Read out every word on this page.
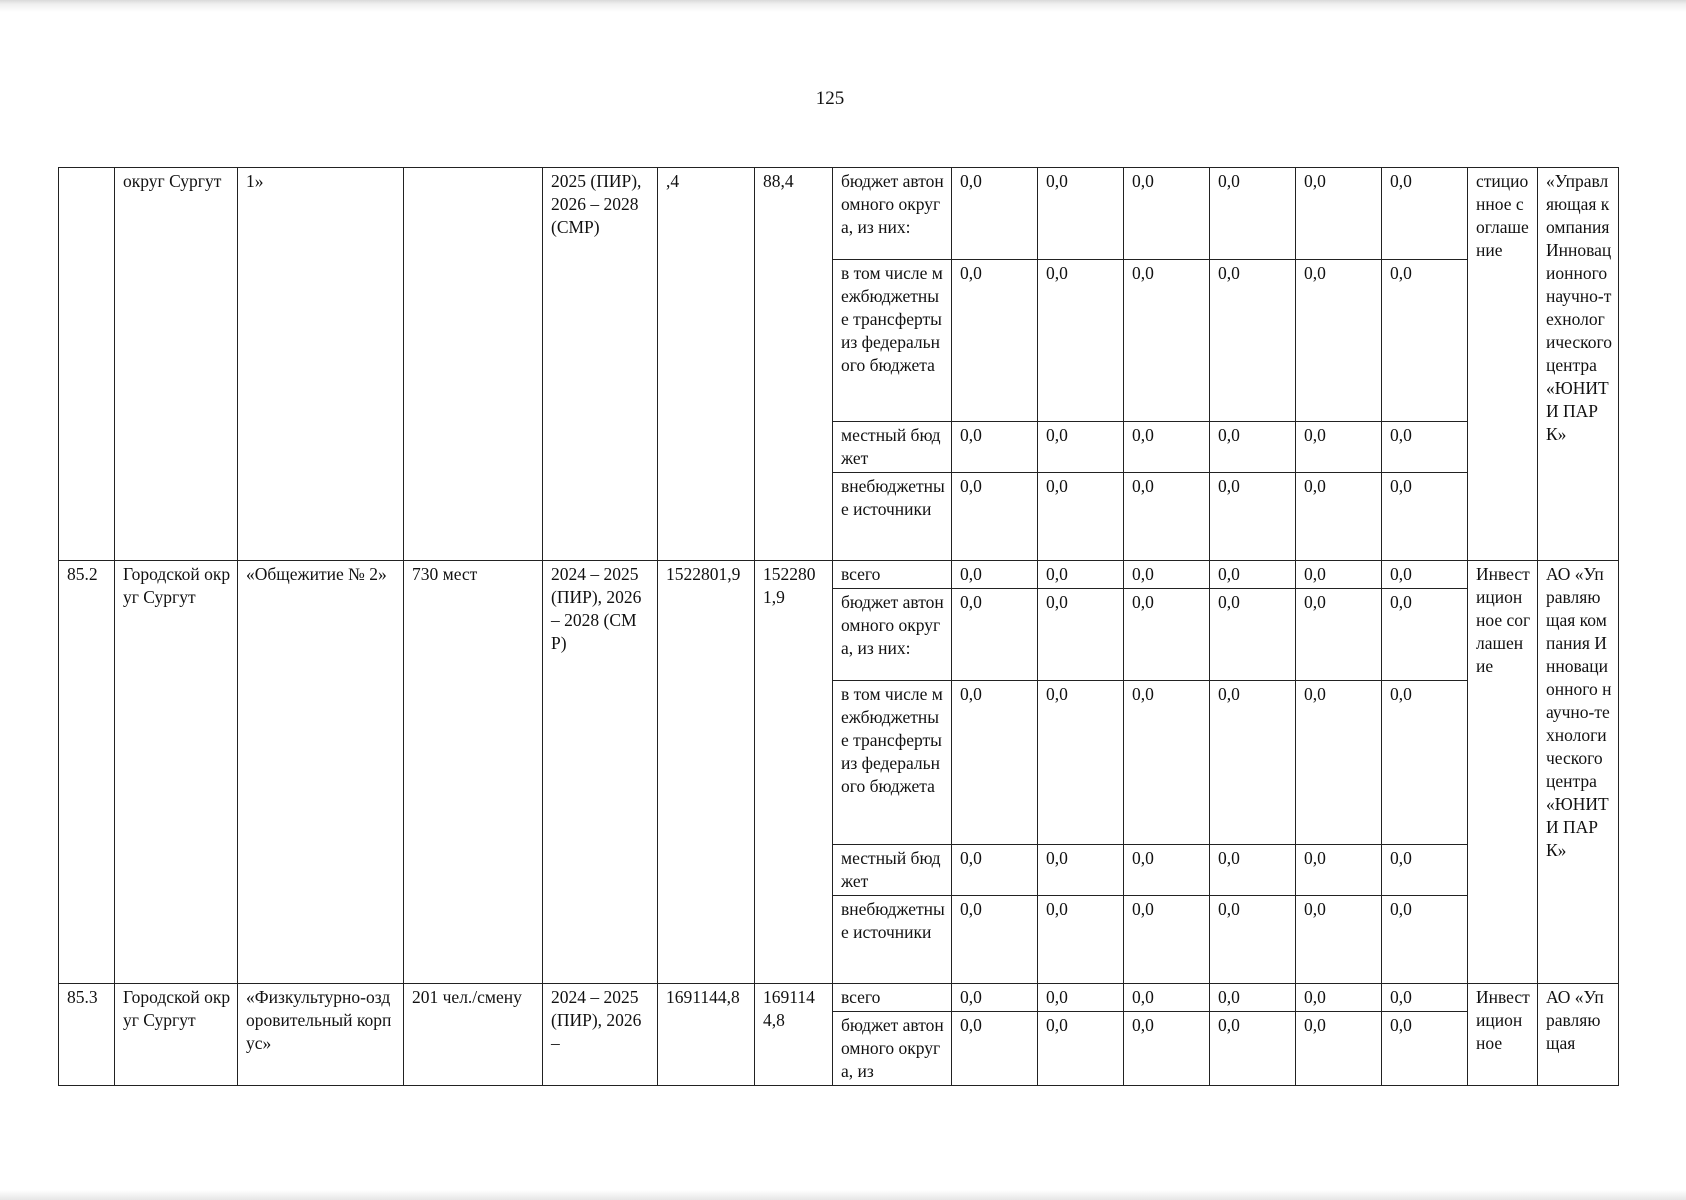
125
	округ Сургут	1»		2025 (ПИР), 2026 – 2028 (СМР)	,4	88,4	бюджет автономного округа, из них:	0,0	0,0	0,0	0,0	0,0	0,0	стиционное соглашение	«Управляющая компания Инновационного научно-технологического центра «ЮНИТИ ПАРК»
							в том числе межбюджетные трансферты из федерального бюджета	0,0	0,0	0,0	0,0	0,0	0,0		
							местный бюджет	0,0	0,0	0,0	0,0	0,0	0,0		
							внебюджетные источники	0,0	0,0	0,0	0,0	0,0	0,0		
85.2	Городской округ Сургут	«Общежитие № 2»	730 мест	2024 – 2025 (ПИР), 2026 – 2028 (СМР)	1522801,9	1522801,9	всего	0,0	0,0	0,0	0,0	0,0	0,0	Инвестиционное соглашение	АО «Управляющая компания Инновационного научно-технологического центра «ЮНИТИ ПАРК»
							бюджет автономного округа, из них:	0,0	0,0	0,0	0,0	0,0	0,0		
							в том числе межбюджетные трансферты из федерального бюджета	0,0	0,0	0,0	0,0	0,0	0,0		
							местный бюджет	0,0	0,0	0,0	0,0	0,0	0,0		
							внебюджетные источники	0,0	0,0	0,0	0,0	0,0	0,0		
85.3	Городской округ Сургут	«Физкультурно-оздоровительный корпус»	201 чел./смену	2024 – 2025 (ПИР), 2026 –	1691144,8	1691144,8	всего	0,0	0,0	0,0	0,0	0,0	0,0	Инвестиционное	АО «Управляющая
							бюджет автономного округа, из	0,0	0,0	0,0	0,0	0,0	0,0		
